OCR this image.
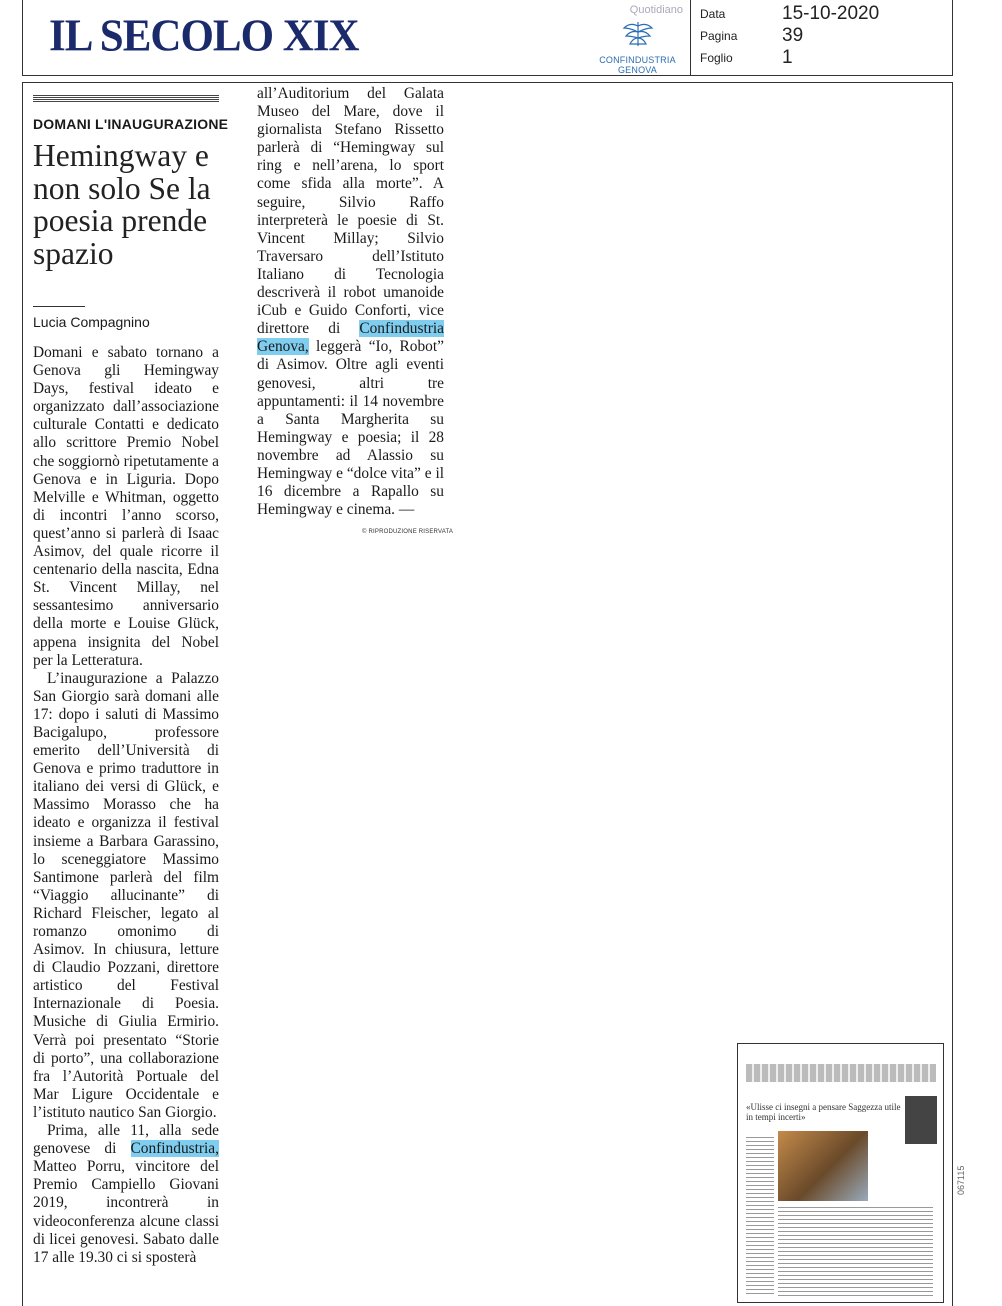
IL SECOLO XIX
Quotidiano
CONFINDUSTRIA
GENOVA
Data	15-10-2020
Pagina 39
Foglio	1
DOMANI L'INAUGURAZIONE
Hemingway e non solo Se la poesia prende spazio
Lucia Compagnino

Domani e sabato tornano a Genova gli Hemingway Days, festival ideato e organizzato dall’associazione culturale Contatti e dedicato allo scrittore Premio Nobel che soggiornò ripetutamente a Genova e in Liguria. Dopo Melville e Whitman, oggetto di incontri l’anno scorso, quest’anno si parlerà di Isaac Asimov, del quale ricorre il centenario della nascita, Edna St. Vincent Millay, nel sessantesimo anniversario della morte e Louise Glück, appena insignita del Nobel per la Letteratura.

L’inaugurazione a Palazzo San Giorgio sarà domani alle 17: dopo i saluti di Massimo Bacigalupo, professore emerito dell’Università di Genova e primo traduttore in italiano dei versi di Glück, e Massimo Morasso che ha ideato e organizza il festival insieme a Barbara Garassino, lo sceneggiatore Massimo Santimone parlerà del film “Viaggio allucinante” di Richard Fleischer, legato al romanzo omonimo di Asimov. In chiusura, letture di Claudio Pozzani, direttore artistico del Festival Internazionale di Poesia. Musiche di Giulia Ermirio. Verrà poi presentato “Storie di porto”, una collaborazione fra l’Autorità Portuale del Mar Ligure Occidentale e l’istituto nautico San Giorgio.

Prima, alle 11, alla sede genovese di Confindustria, Matteo Porru, vincitore del Premio Campiello Giovani 2019, incontrerà in videoconferenza alcune classi di licei genovesi. Sabato dalle 17 alle 19.30 ci si sposterà

all’Auditorium del Galata Museo del Mare, dove il giornalista Stefano Rissetto parlerà di “Hemingway sul ring e nell’arena, lo sport come sfida alla morte”. A seguire, Silvio Raffo interpreterà le poesie di St. Vincent Millay; Silvio Traversaro dell’Istituto Italiano di Tecnologia descriverà il robot umanoide iCub e Guido Conforti, vice direttore di Confindustria Genova, leggerà “Io, Robot” di Asimov. Oltre agli eventi genovesi, altri tre appuntamenti: il 14 novembre a Santa Margherita su Hemingway e poesia; il 28 novembre ad Alassio su Hemingway e “dolce vita” e il 16 dicembre a Rapallo su Hemingway e cinema. —

© RIPRODUZIONE RISERVATA
«Ulisse ci insegni a pensare Saggezza utile in tempi incerti»
067115
